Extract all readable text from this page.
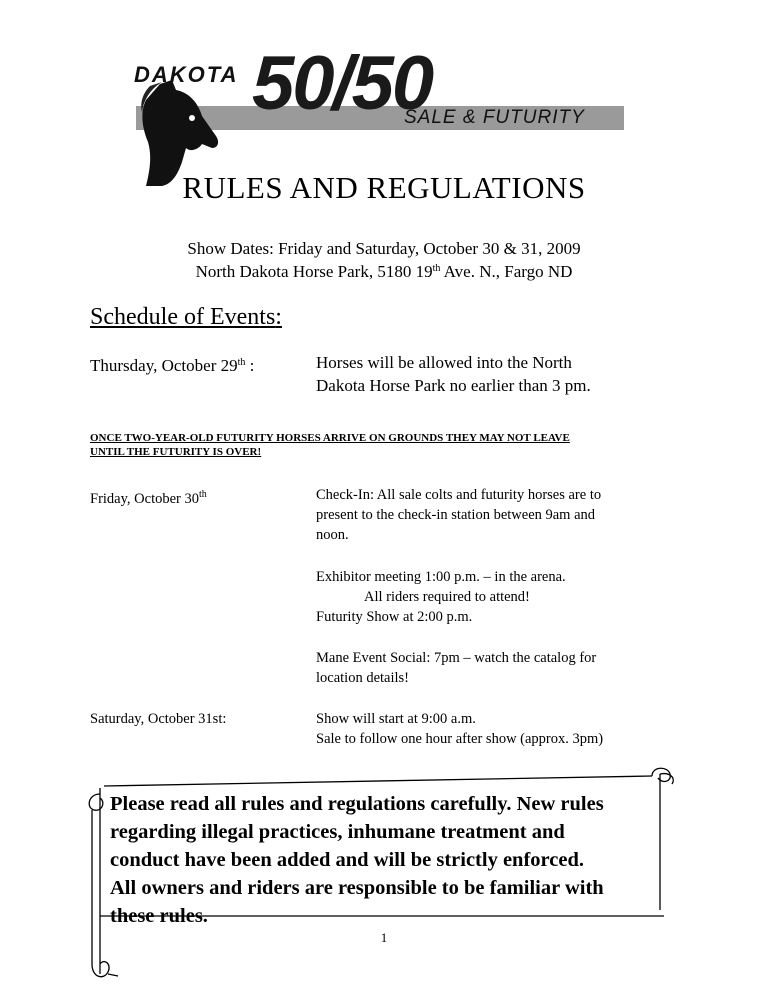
DAKOTA 50/50
SALE & FUTURITY
RULES AND REGULATIONS
Show Dates: Friday and Saturday, October 30 & 31, 2009
North Dakota Horse Park, 5180 19th Ave. N., Fargo ND
Schedule of Events:
Thursday, October 29th :	Horses will be allowed into the North
Dakota Horse Park no earlier than 3 pm.
ONCE TWO-YEAR-OLD FUTURITY HORSES ARRIVE ON GROUNDS THEY MAY NOT LEAVE
UNTIL THE FUTURITY IS OVER!
Friday, October 30th	Check-In: All sale colts and futurity horses are to
present to the check-in station between 9am and
noon.
Exhibitor meeting 1:00 p.m. – in the arena.
All riders required to attend!
Futurity Show at 2:00 p.m.
Mane Event Social: 7pm – watch the catalog for
location details!
Saturday, October 31st:	Show will start at 9:00 a.m.
Sale to follow one hour after show (approx. 3pm)
Please read all rules and regulations carefully. New rules
regarding illegal practices, inhumane treatment and
conduct have been added and will be strictly enforced.
All owners and riders are responsible to be familiar with
these rules.
1
